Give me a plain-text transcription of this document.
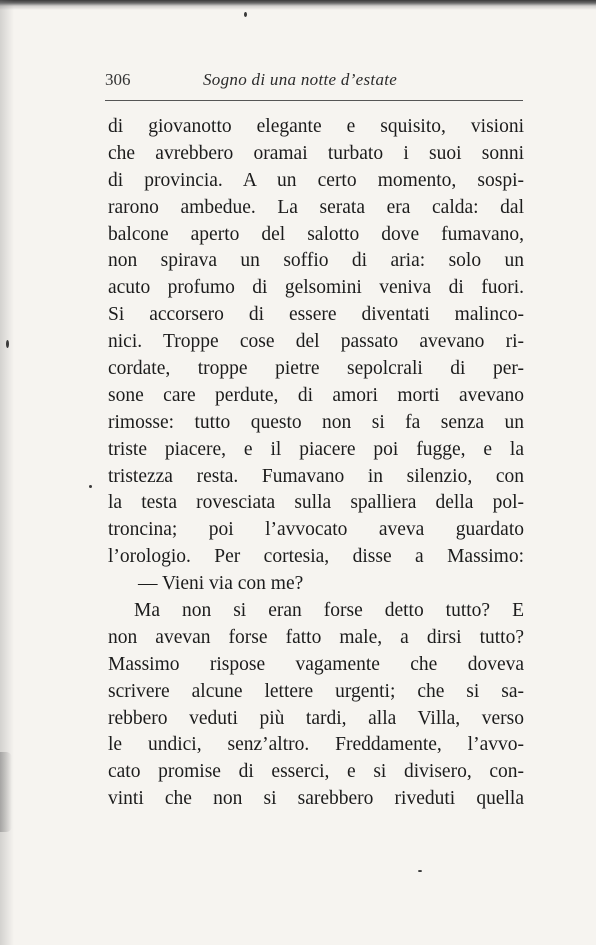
306	Sogno di una notte d’estate
di giovanotto elegante e squisito, visioni
che avrebbero oramai turbato i suoi sonni
di provincia. A un certo momento, sospi-
rarono ambedue. La serata era calda: dal
balcone aperto del salotto dove fumavano,
non spirava un soffio di aria: solo un
acuto profumo di gelsomini veniva di fuori.
Si accorsero di essere diventati malinco-
nici. Troppe cose del passato avevano ri-
cordate, troppe pietre sepolcrali di per-
sone care perdute, di amori morti avevano
rimosse: tutto questo non si fa senza un
triste piacere, e il piacere poi fugge, e la
tristezza resta. Fumavano in silenzio, con
la testa rovesciata sulla spalliera della pol-
troncina; poi l’avvocato aveva guardato
l’orologio. Per cortesia, disse a Massimo:
— Vieni via con me?
Ma non si eran forse detto tutto? E
non avevan forse fatto male, a dirsi tutto?
Massimo rispose vagamente che doveva
scrivere alcune lettere urgenti; che si sa-
rebbero veduti più tardi, alla Villa, verso
le undici, senz’altro. Freddamente, l’avvo-
cato promise di esserci, e si divisero, con-
vinti che non si sarebbero riveduti quella
